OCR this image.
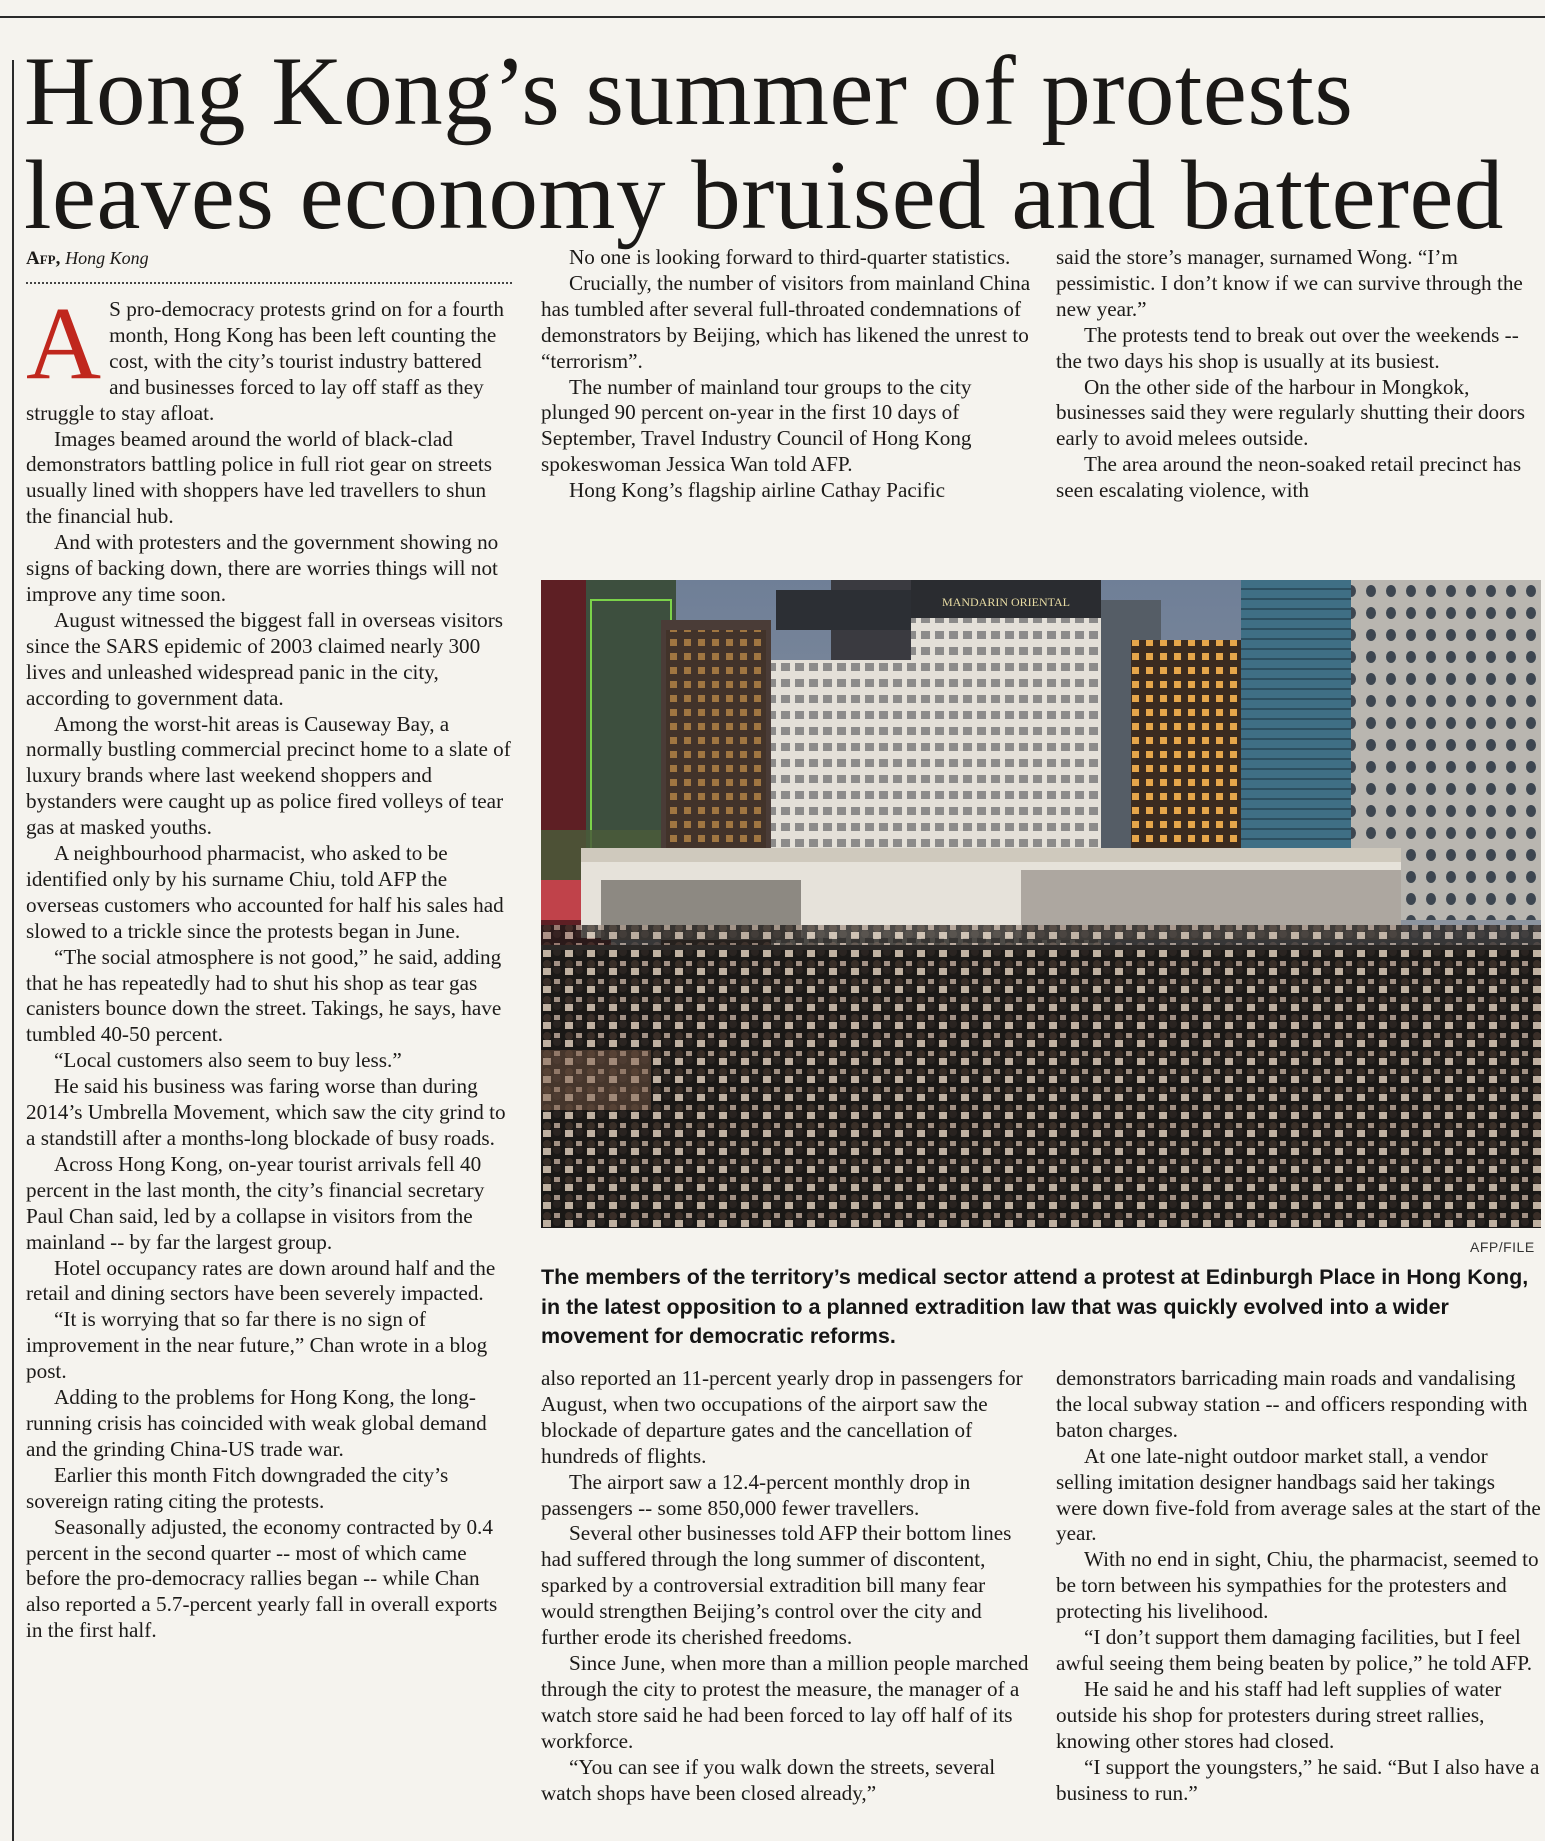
Hong Kong’s summer of protests
leaves economy bruised and battered
Afp, Hong Kong
A S pro-democracy protests grind on for a fourth month, Hong Kong has been left counting the cost, with the city’s tourist industry battered and businesses forced to lay off staff as they struggle to stay afloat.

Images beamed around the world of black-clad demonstrators battling police in full riot gear on streets usually lined with shoppers have led travellers to shun the financial hub.

And with protesters and the government showing no signs of backing down, there are worries things will not improve any time soon.

August witnessed the biggest fall in overseas visitors since the SARS epidemic of 2003 claimed nearly 300 lives and unleashed widespread panic in the city, according to government data.

Among the worst-hit areas is Causeway Bay, a normally bustling commercial precinct home to a slate of luxury brands where last weekend shoppers and bystanders were caught up as police fired volleys of tear gas at masked youths.

A neighbourhood pharmacist, who asked to be identified only by his surname Chiu, told AFP the overseas customers who accounted for half his sales had slowed to a trickle since the protests began in June.

“The social atmosphere is not good,” he said, adding that he has repeatedly had to shut his shop as tear gas canisters bounce down the street. Takings, he says, have tumbled 40-50 percent.

“Local customers also seem to buy less.”

He said his business was faring worse than during 2014’s Umbrella Movement, which saw the city grind to a standstill after a months-long blockade of busy roads.

Across Hong Kong, on-year tourist arrivals fell 40 percent in the last month, the city’s financial secretary Paul Chan said, led by a collapse in visitors from the mainland -- by far the largest group.

Hotel occupancy rates are down around half and the retail and dining sectors have been severely impacted.

“It is worrying that so far there is no sign of improvement in the near future,” Chan wrote in a blog post.

Adding to the problems for Hong Kong, the long-running crisis has coincided with weak global demand and the grinding China-US trade war.

Earlier this month Fitch downgraded the city’s sovereign rating citing the protests.

Seasonally adjusted, the economy contracted by 0.4 percent in the second quarter -- most of which came before the pro-democracy rallies began -- while Chan also reported a 5.7-percent yearly fall in overall exports in the first half.

No one is looking forward to third-quarter statistics.

Crucially, the number of visitors from mainland China has tumbled after several full-throated condemnations of demonstrators by Beijing, which has likened the unrest to “terrorism”.

The number of mainland tour groups to the city plunged 90 percent on-year in the first 10 days of September, Travel Industry Council of Hong Kong spokeswoman Jessica Wan told AFP.

Hong Kong’s flagship airline Cathay Pacific

said the store’s manager, surnamed Wong. “I’m pessimistic. I don’t know if we can survive through the new year.”

The protests tend to break out over the weekends -- the two days his shop is usually at its busiest.

On the other side of the harbour in Mongkok, businesses said they were regularly shutting their doors early to avoid melees outside.

The area around the neon-soaked retail precinct has seen escalating violence, with

MANDARIN ORIENTAL
AFP/FILE

The members of the territory’s medical sector attend a protest at Edinburgh Place in Hong Kong, in the latest opposition to a planned extradition law that was quickly evolved into a wider movement for democratic reforms.

also reported an 11-percent yearly drop in passengers for August, when two occupations of the airport saw the blockade of departure gates and the cancellation of hundreds of flights.

The airport saw a 12.4-percent monthly drop in passengers -- some 850,000 fewer travellers.

Several other businesses told AFP their bottom lines had suffered through the long summer of discontent, sparked by a controversial extradition bill many fear would strengthen Beijing’s control over the city and further erode its cherished freedoms.

Since June, when more than a million people marched through the city to protest the measure, the manager of a watch store said he had been forced to lay off half of its workforce.

“You can see if you walk down the streets, several watch shops have been closed already,”

demonstrators barricading main roads and vandalising the local subway station -- and officers responding with baton charges.

At one late-night outdoor market stall, a vendor selling imitation designer handbags said her takings were down five-fold from average sales at the start of the year.

With no end in sight, Chiu, the pharmacist, seemed to be torn between his sympathies for the protesters and protecting his livelihood.

“I don’t support them damaging facilities, but I feel awful seeing them being beaten by police,” he told AFP.

He said he and his staff had left supplies of water outside his shop for protesters during street rallies, knowing other stores had closed.

“I support the youngsters,” he said. “But I also have a business to run.”
